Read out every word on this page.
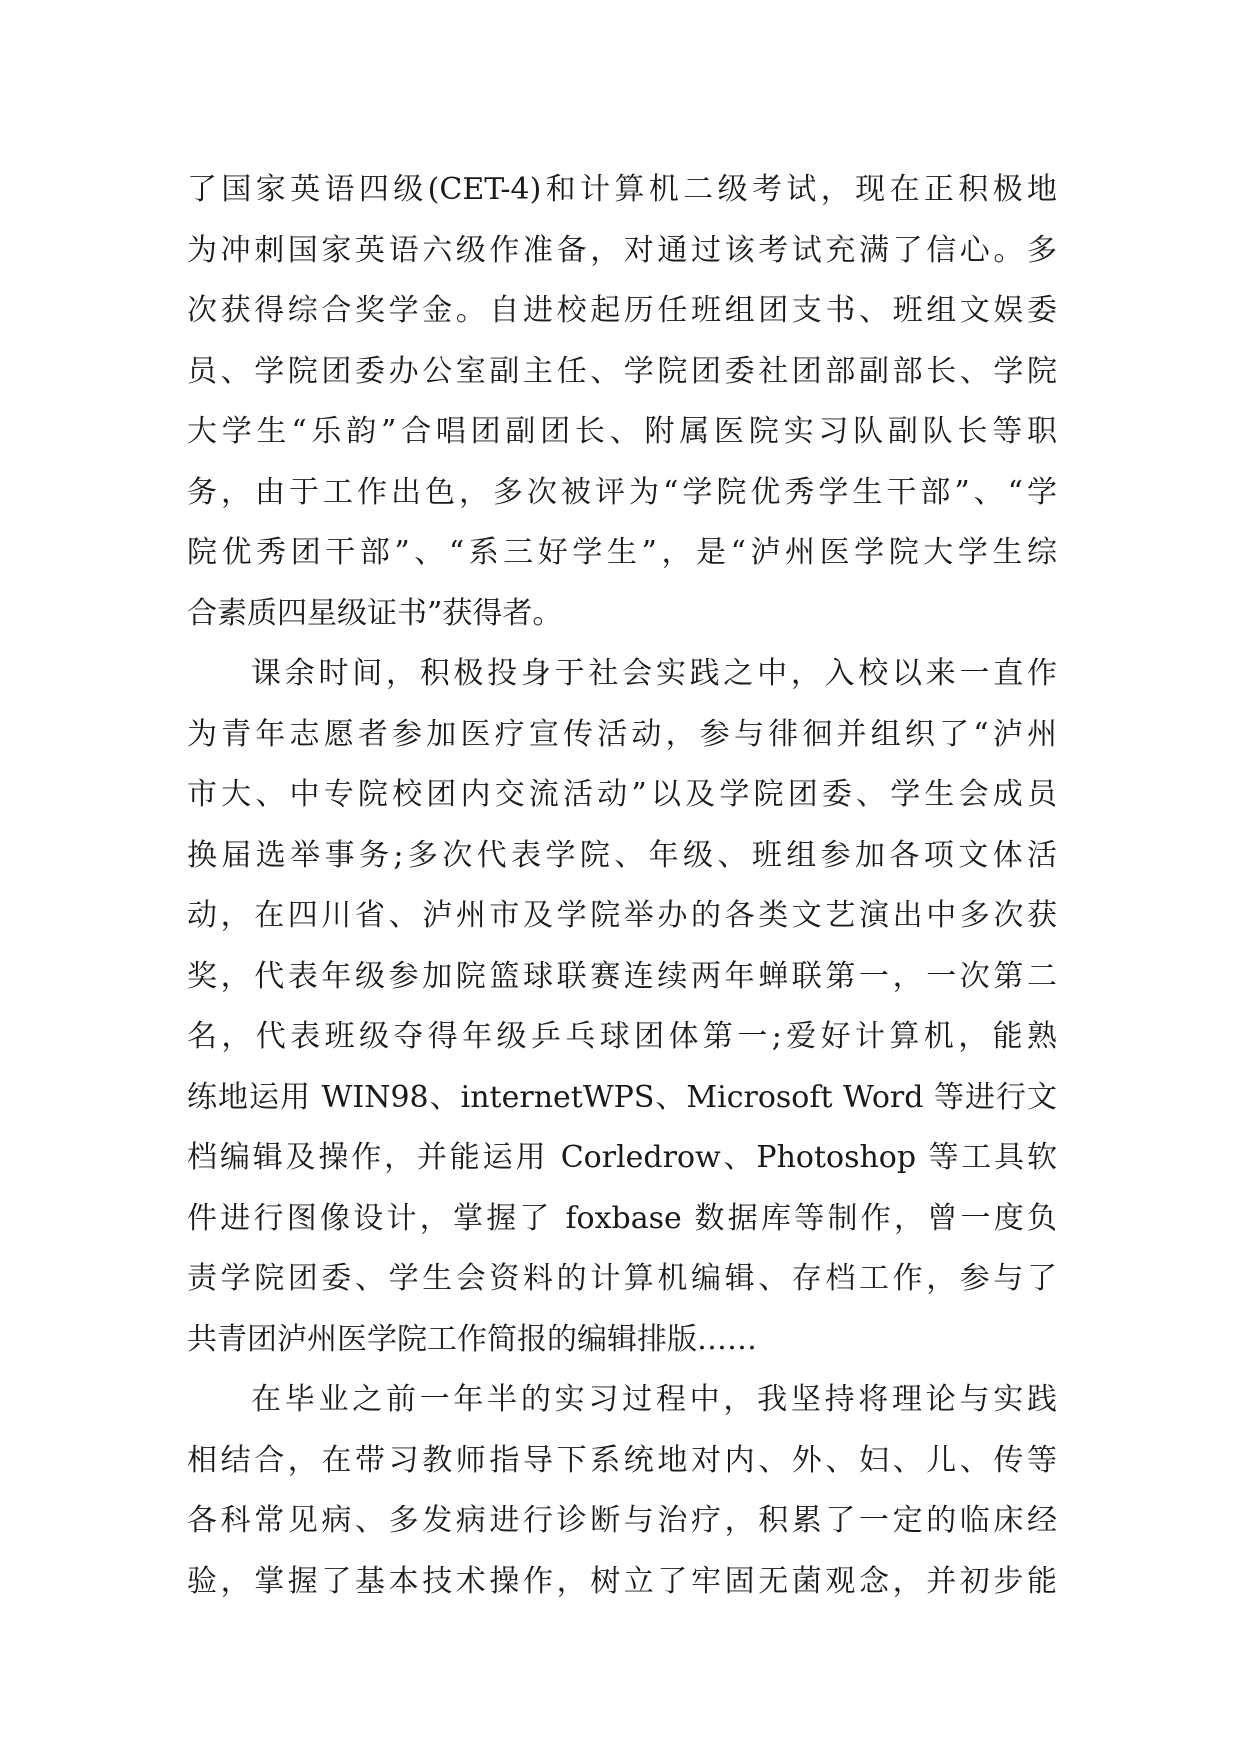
了国家英语四级(CET-4)和计算机二级考试，现在正积极地
为冲刺国家英语六级作准备，对通过该考试充满了信心。多
次获得综合奖学金。自进校起历任班组团支书、班组文娱委
员、学院团委办公室副主任、学院团委社团部副部长、学院
大学生“乐韵”合唱团副团长、附属医院实习队副队长等职
务，由于工作出色，多次被评为“学院优秀学生干部”、“学
院优秀团干部”、“系三好学生”，是“泸州医学院大学生综
合素质四星级证书”获得者。
课余时间，积极投身于社会实践之中，入校以来一直作
为青年志愿者参加医疗宣传活动，参与徘徊并组织了“泸州
市大、中专院校团内交流活动”以及学院团委、学生会成员
换届选举事务;多次代表学院、年级、班组参加各项文体活
动，在四川省、泸州市及学院举办的各类文艺演出中多次获
奖，代表年级参加院篮球联赛连续两年蝉联第一，一次第二
名，代表班级夺得年级乒乓球团体第一;爱好计算机，能熟
练地运用 WIN98、internetWPS、Microsoft Word 等进行文
档编辑及操作，并能运用 Corledrow、Photoshop 等工具软
件进行图像设计，掌握了 foxbase 数据库等制作，曾一度负
责学院团委、学生会资料的计算机编辑、存档工作，参与了
共青团泸州医学院工作简报的编辑排版……
在毕业之前一年半的实习过程中，我坚持将理论与实践
相结合，在带习教师指导下系统地对内、外、妇、儿、传等
各科常见病、多发病进行诊断与治疗，积累了一定的临床经
验，掌握了基本技术操作，树立了牢固无菌观念，并初步能
